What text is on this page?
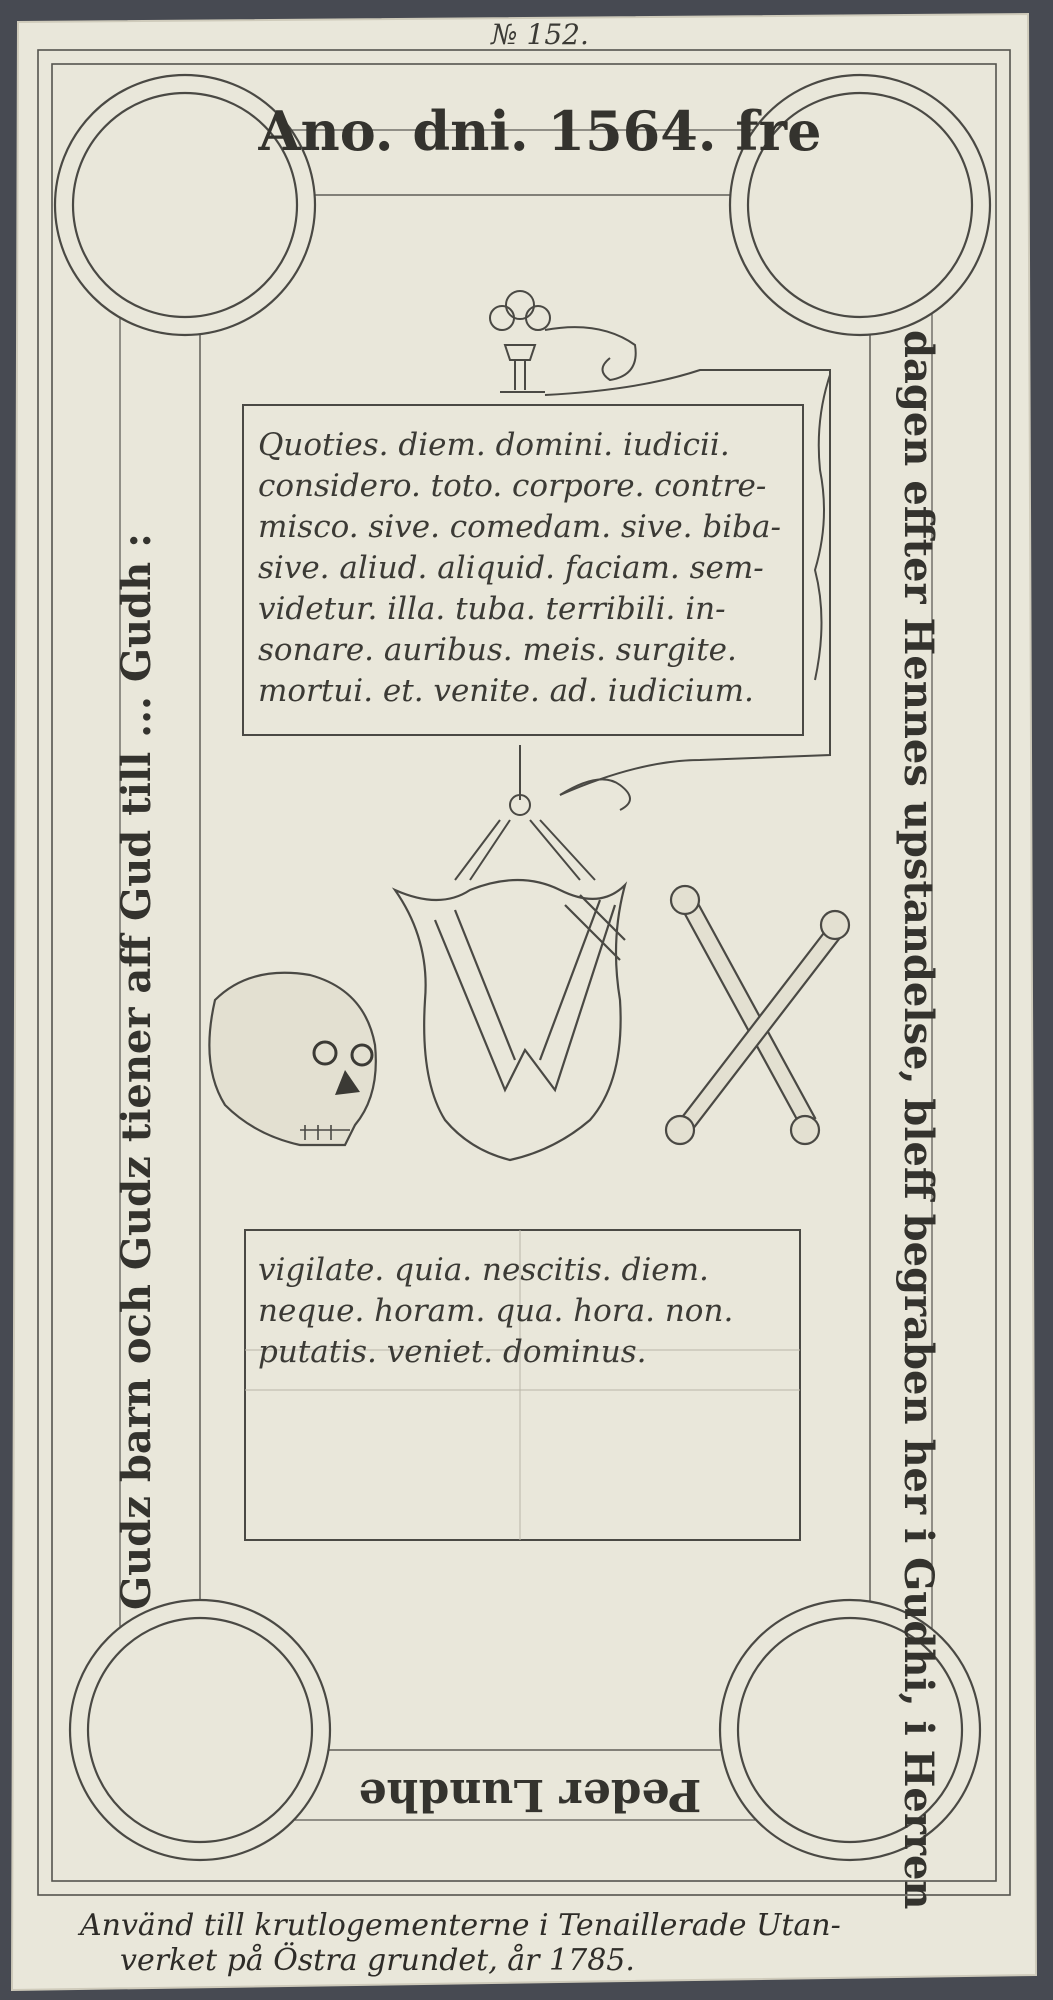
№ 152.
Ano. dni. 1564. fre
dagen effter Hennes upstandelse, bleff begraben her i Gudhi, i Herren
Gudz barn och Gudz tiener aff Gud till ... Gudh :
Peder Lundhe
Quoties. diem. domini. iudicii.
considero. toto. corpore. contre-
misco. sive. comedam. sive. biba-
sive. aliud. aliquid. faciam. sem-
videtur. illa. tuba. terribili. in-
sonare. auribus. meis. surgite.
mortui. et. venite. ad. iudicium.
vigilate. quia. nescitis. diem.
neque. horam. qua. hora. non.
putatis. veniet. dominus.
Använd till krutlogementerne i Tenaillerade Utan-
verket på Östra grundet, år 1785.
